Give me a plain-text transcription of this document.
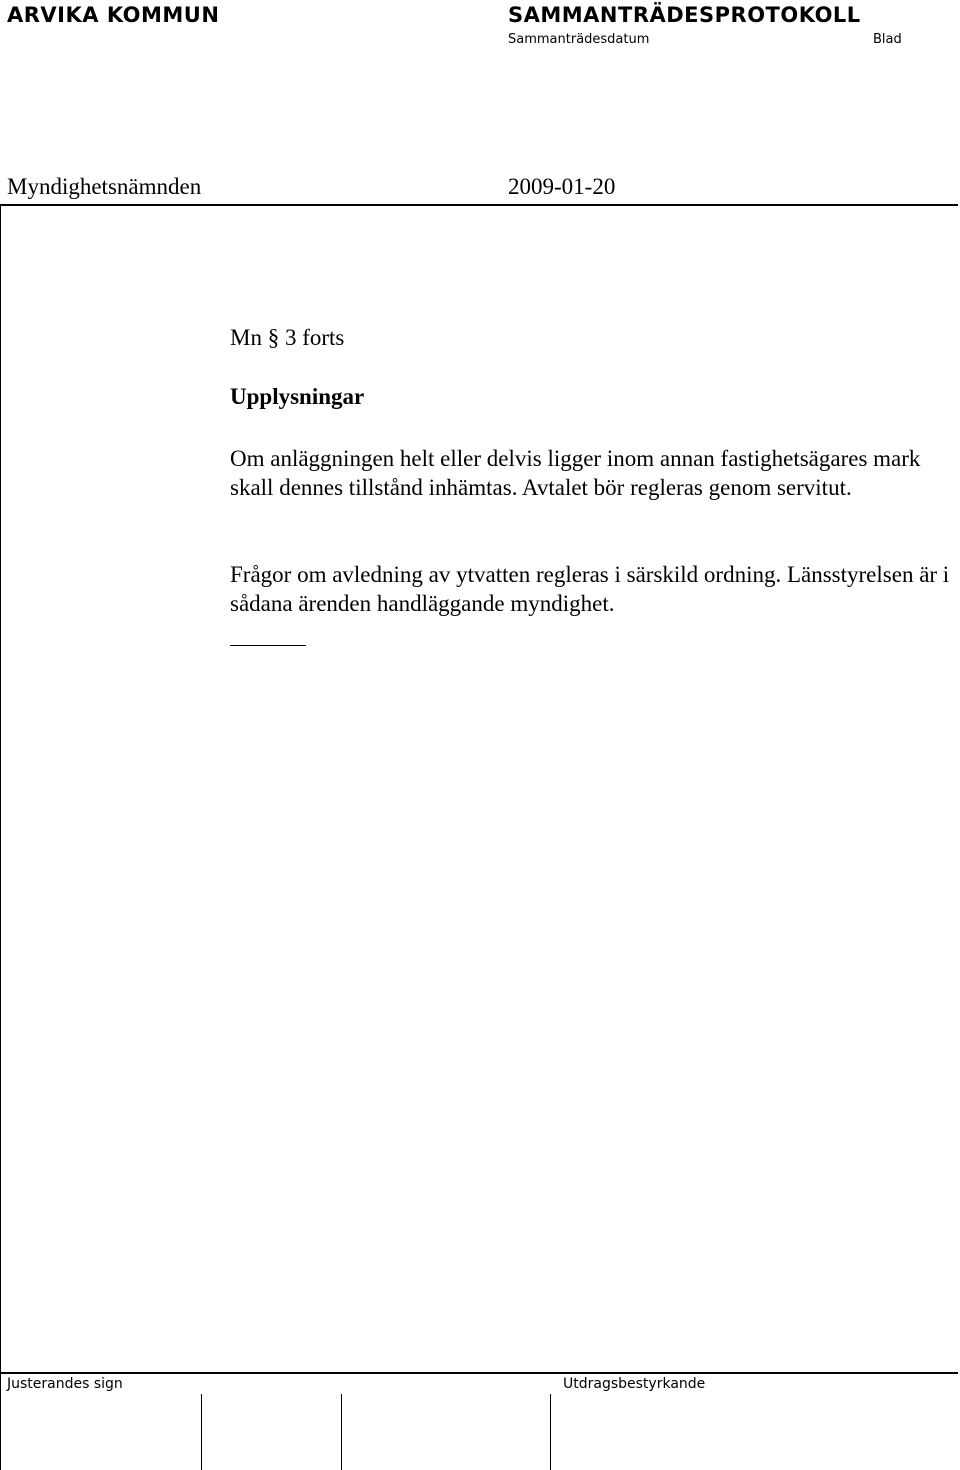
ARVIKA KOMMUN	SAMMANTRÄDESPROTOKOLL
Sammanträdesdatum	Blad
Myndighetsnämnden	2009-01-20
Mn § 3 forts
Upplysningar
Om anläggningen helt eller delvis ligger inom annan fastighetsägares mark skall dennes tillstånd inhämtas. Avtalet bör regleras genom servitut.
Frågor om avledning av ytvatten regleras i särskild ordning. Länsstyrelsen är i sådana ärenden handläggande myndighet.
Justerandes sign	Utdragsbestyrkande
